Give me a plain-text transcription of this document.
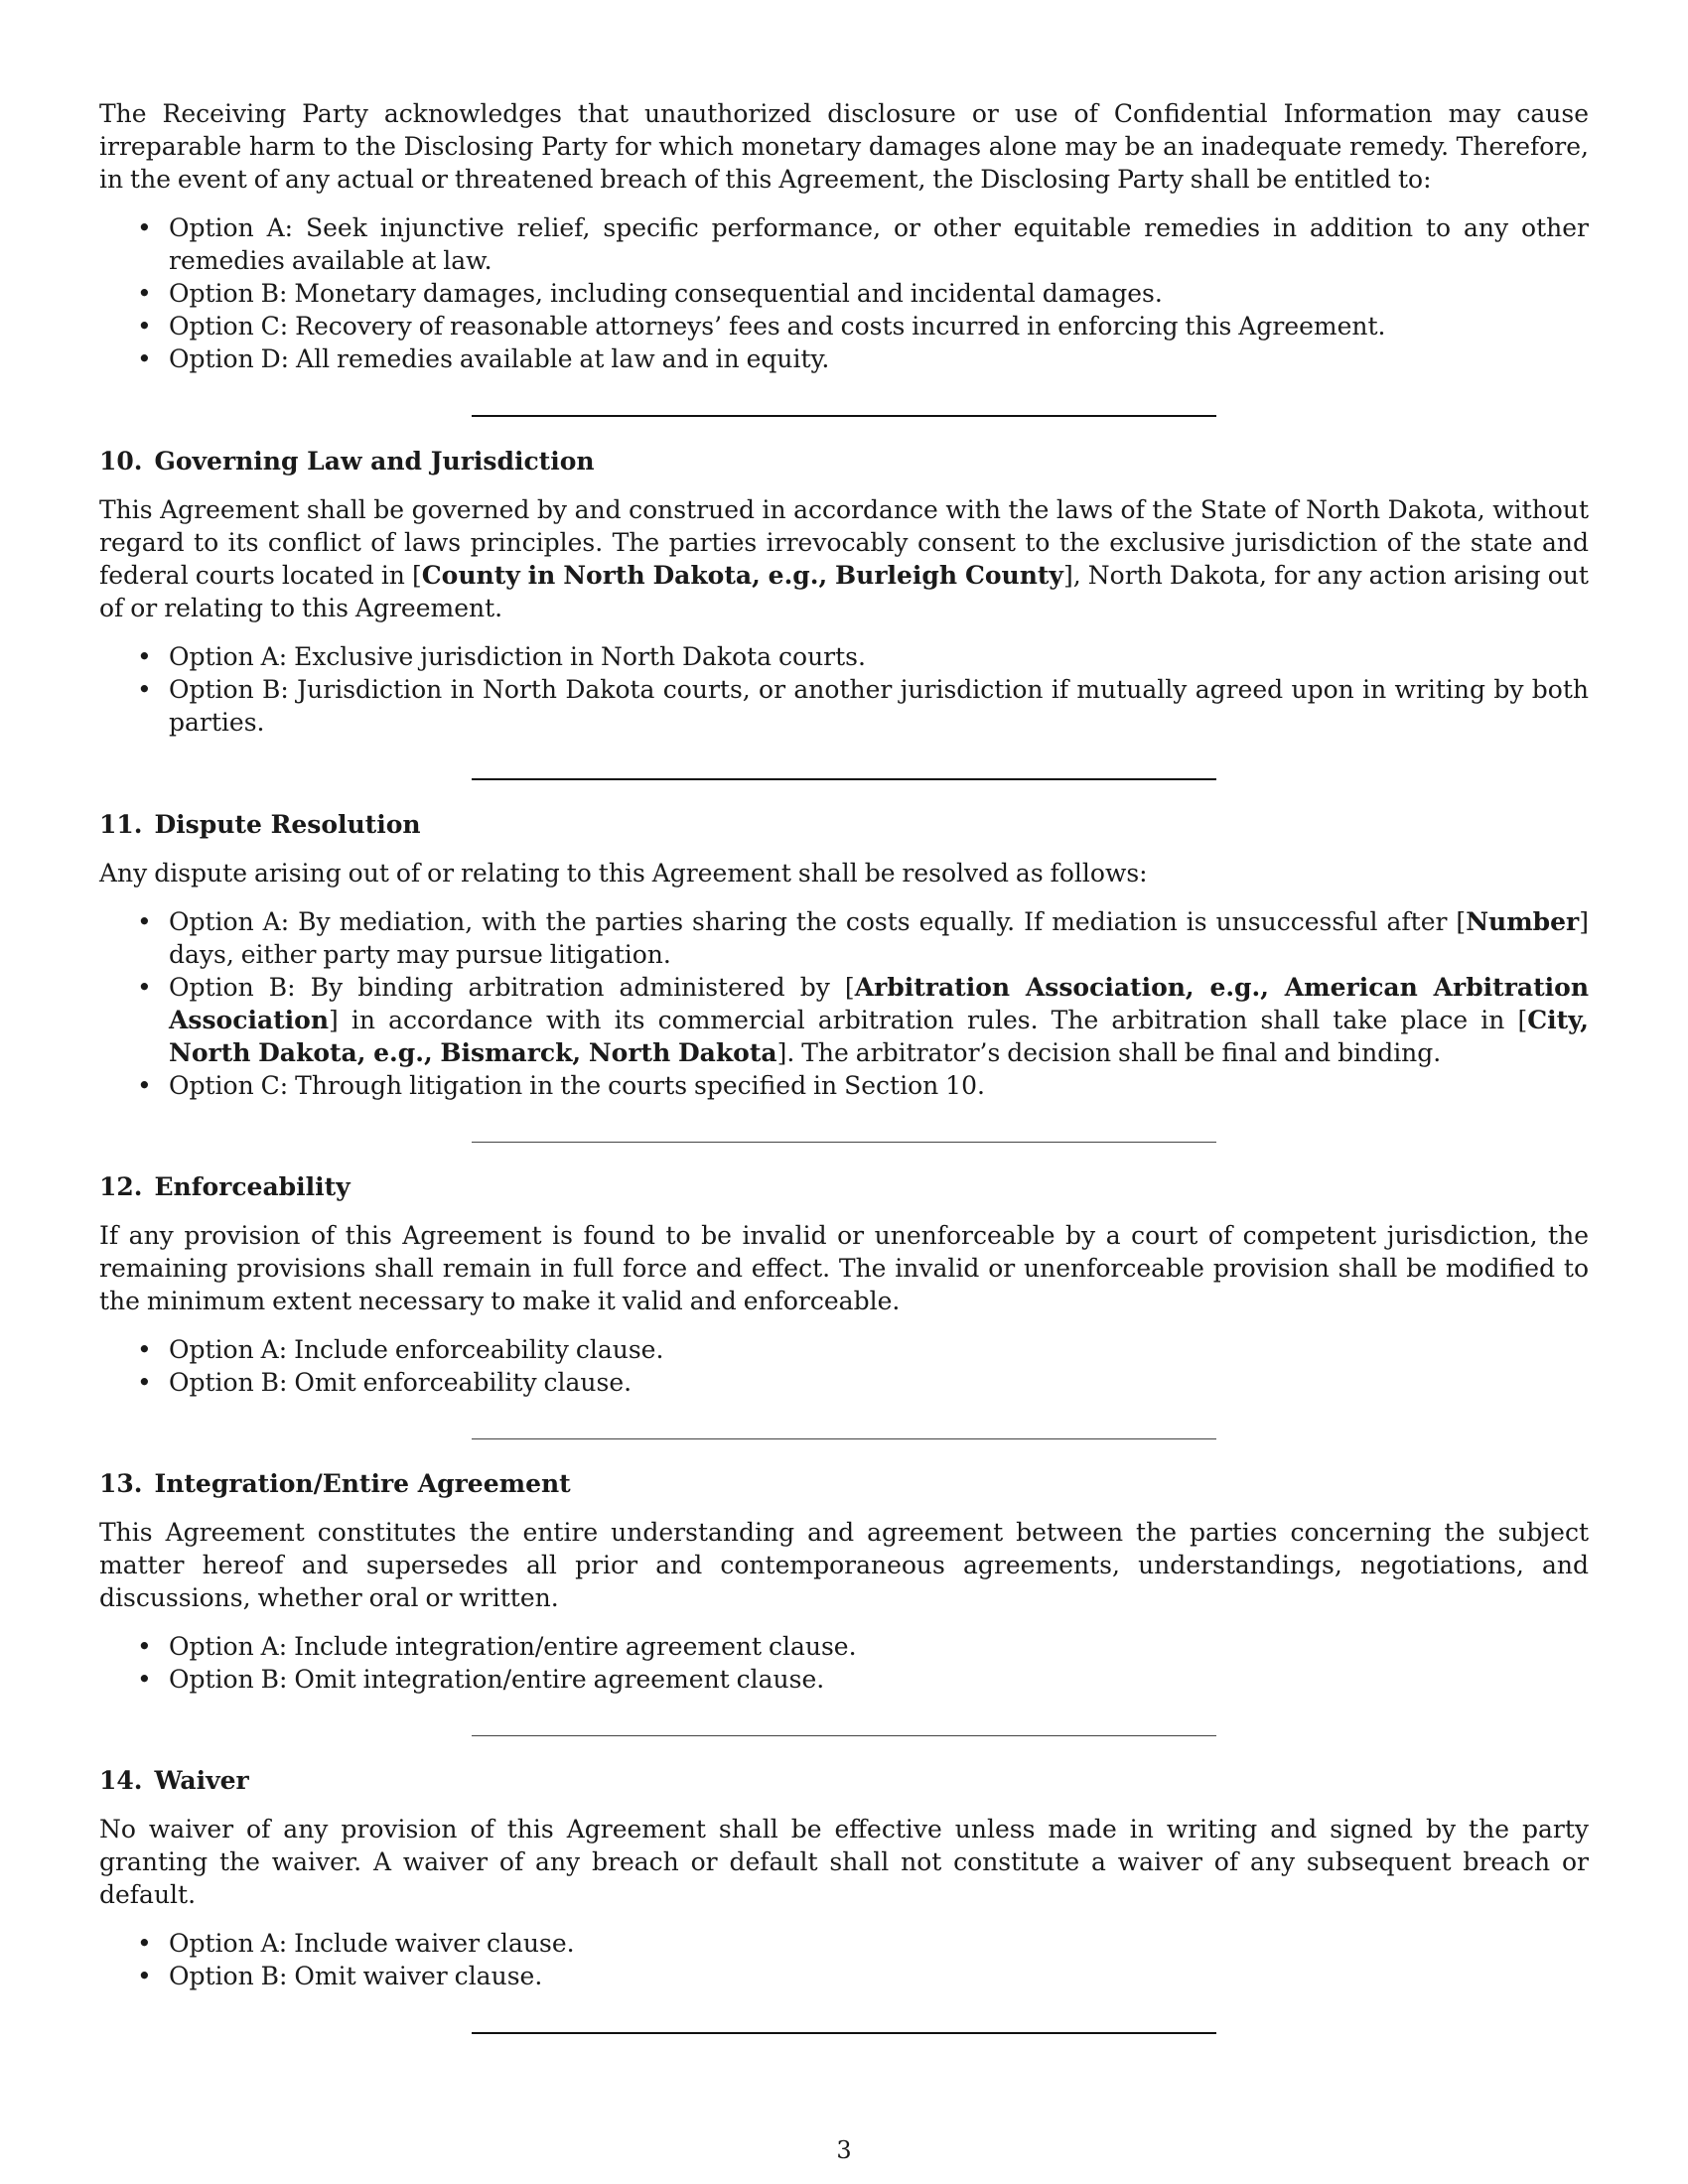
The Receiving Party acknowledges that unauthorized disclosure or use of Confidential Information may cause irreparable harm to the Disclosing Party for which monetary damages alone may be an inadequate remedy. Therefore, in the event of any actual or threatened breach of this Agreement, the Disclosing Party shall be entitled to:

• Option A: Seek injunctive relief, specific performance, or other equitable remedies in addition to any other remedies available at law.
• Option B: Monetary damages, including consequential and incidental damages.
• Option C: Recovery of reasonable attorneys’ fees and costs incurred in enforcing this Agreement.
• Option D: All remedies available at law and in equity.
10. Governing Law and Jurisdiction

This Agreement shall be governed by and construed in accordance with the laws of the State of North Dakota, without regard to its conflict of laws principles. The parties irrevocably consent to the exclusive jurisdiction of the state and federal courts located in [County in North Dakota, e.g., Burleigh County], North Dakota, for any action arising out of or relating to this Agreement.

• Option A: Exclusive jurisdiction in North Dakota courts.
• Option B: Jurisdiction in North Dakota courts, or another jurisdiction if mutually agreed upon in writing by both parties.
11. Dispute Resolution

Any dispute arising out of or relating to this Agreement shall be resolved as follows:

• Option A: By mediation, with the parties sharing the costs equally. If mediation is unsuccessful after [Number] days, either party may pursue litigation.
• Option B: By binding arbitration administered by [Arbitration Association, e.g., American Arbitration Association] in accordance with its commercial arbitration rules. The arbitration shall take place in [City, North Dakota, e.g., Bismarck, North Dakota]. The arbitrator’s decision shall be final and binding.
• Option C: Through litigation in the courts specified in Section 10.
12. Enforceability

If any provision of this Agreement is found to be invalid or unenforceable by a court of competent jurisdiction, the remaining provisions shall remain in full force and effect. The invalid or unenforceable provision shall be modified to the minimum extent necessary to make it valid and enforceable.

• Option A: Include enforceability clause.
• Option B: Omit enforceability clause.
13. Integration/Entire Agreement

This Agreement constitutes the entire understanding and agreement between the parties concerning the subject matter hereof and supersedes all prior and contemporaneous agreements, understandings, negotiations, and discussions, whether oral or written.

• Option A: Include integration/entire agreement clause.
• Option B: Omit integration/entire agreement clause.
14. Waiver

No waiver of any provision of this Agreement shall be effective unless made in writing and signed by the party granting the waiver. A waiver of any breach or default shall not constitute a waiver of any subsequent breach or default.

• Option A: Include waiver clause.
• Option B: Omit waiver clause.
3
